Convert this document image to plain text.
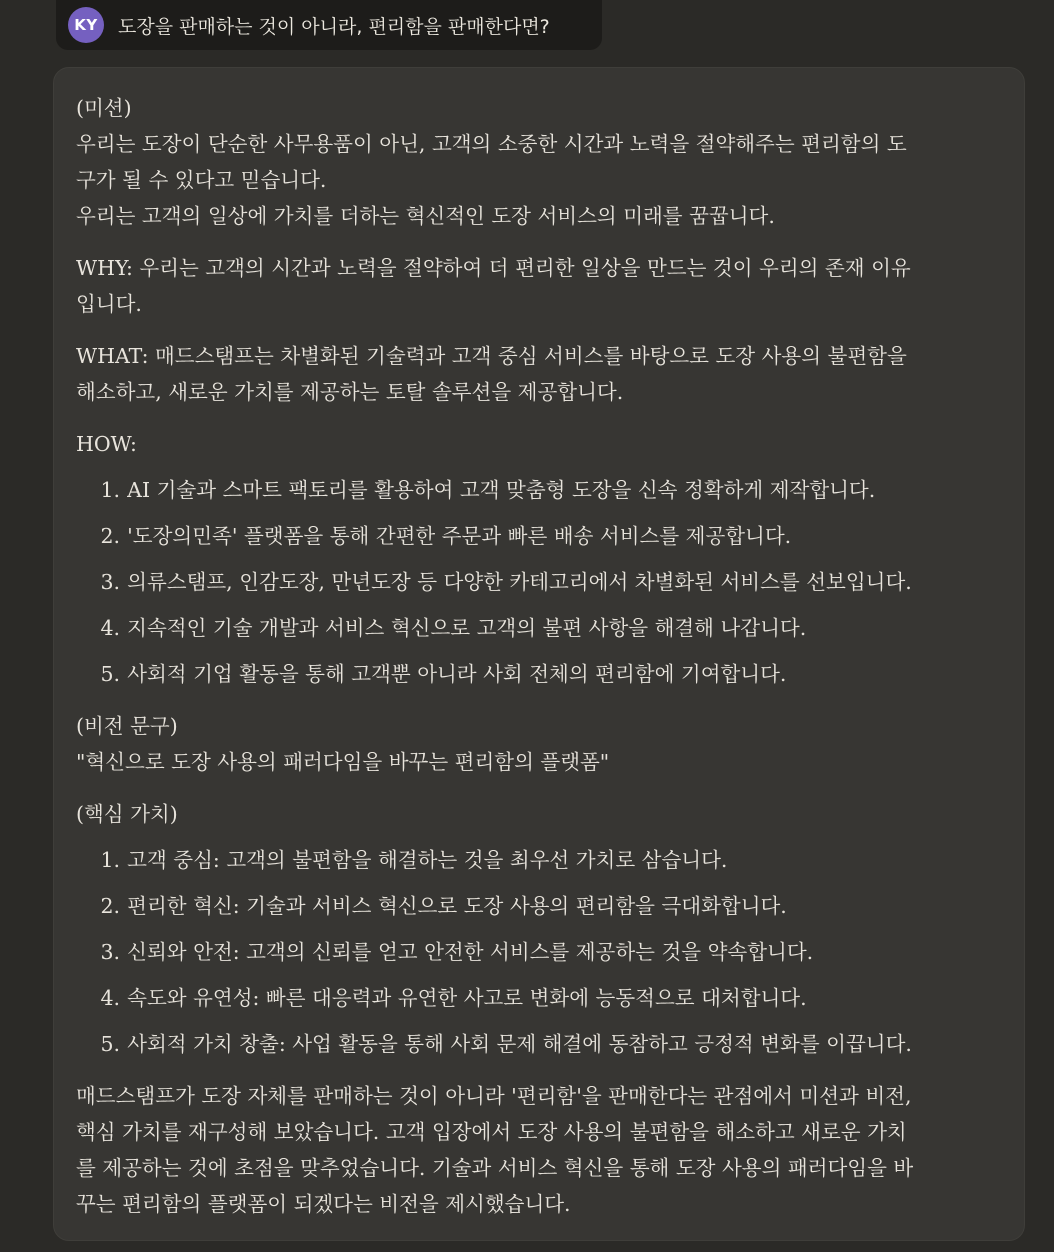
KY	도장을 판매하는 것이 아니라, 편리함을 판매한다면?

(미션)

우리는 도장이 단순한 사무용품이 아닌, 고객의 소중한 시간과 노력을 절약해주는 편리함의 도

구가 될 수 있다고 믿습니다.

우리는 고객의 일상에 가치를 더하는 혁신적인 도장 서비스의 미래를 꿈꿉니다.

WHY: 우리는 고객의 시간과 노력을 절약하여 더 편리한 일상을 만드는 것이 우리의 존재 이유

입니다.

WHAT: 매드스탬프는 차별화된 기술력과 고객 중심 서비스를 바탕으로 도장 사용의 불편함을

해소하고, 새로운 가치를 제공하는 토탈 솔루션을 제공합니다.

HOW:

1. AI 기술과 스마트 팩토리를 활용하여 고객 맞춤형 도장을 신속 정확하게 제작합니다.
2. '도장의민족' 플랫폼을 통해 간편한 주문과 빠른 배송 서비스를 제공합니다.
3. 의류스탬프, 인감도장, 만년도장 등 다양한 카테고리에서 차별화된 서비스를 선보입니다.
4. 지속적인 기술 개발과 서비스 혁신으로 고객의 불편 사항을 해결해 나갑니다.
5. 사회적 기업 활동을 통해 고객뿐 아니라 사회 전체의 편리함에 기여합니다.

(비전 문구)

"혁신으로 도장 사용의 패러다임을 바꾸는 편리함의 플랫폼"

(핵심 가치)

1. 고객 중심: 고객의 불편함을 해결하는 것을 최우선 가치로 삼습니다.
2. 편리한 혁신: 기술과 서비스 혁신으로 도장 사용의 편리함을 극대화합니다.
3. 신뢰와 안전: 고객의 신뢰를 얻고 안전한 서비스를 제공하는 것을 약속합니다.
4. 속도와 유연성: 빠른 대응력과 유연한 사고로 변화에 능동적으로 대처합니다.
5. 사회적 가치 창출: 사업 활동을 통해 사회 문제 해결에 동참하고 긍정적 변화를 이끕니다.

매드스탬프가 도장 자체를 판매하는 것이 아니라 '편리함'을 판매한다는 관점에서 미션과 비전,

핵심 가치를 재구성해 보았습니다. 고객 입장에서 도장 사용의 불편함을 해소하고 새로운 가치

를 제공하는 것에 초점을 맞추었습니다. 기술과 서비스 혁신을 통해 도장 사용의 패러다임을 바

꾸는 편리함의 플랫폼이 되겠다는 비전을 제시했습니다.
